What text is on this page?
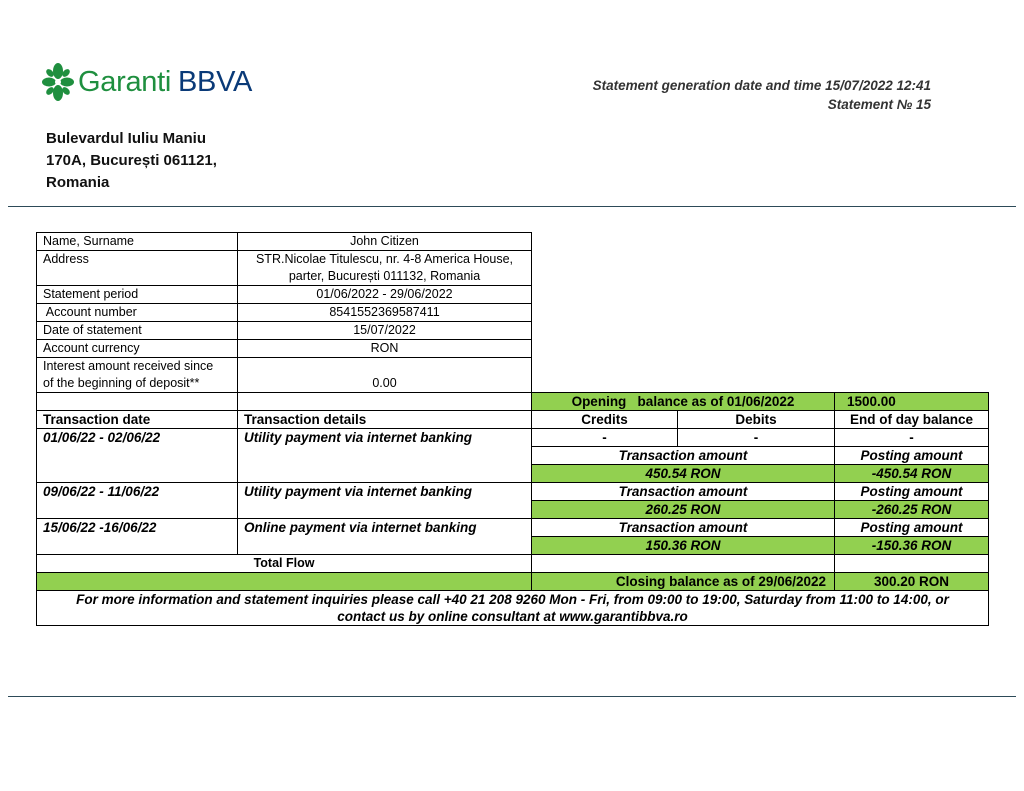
Garanti BBVA	Statement generation date and time 15/07/2022 12:41
Statement № 15
Bulevardul Iuliu Maniu
170A, București 061121,
Romania
Name, Surname	John Citizen			
Address	STR.Nicolae Titulescu, nr. 4-8 America House,
parter, București 011132, Romania			

Statement period	01/06/2022 - 29/06/2022			
Account number	8541552369587411			
Date of statement	15/07/2022			
Account currency	RON			

Interest amount received since
of the beginning of deposit**	0.00			
		Opening   balance as of 01/06/2022		1500.00
Transaction date	Transaction details	Credits	Debits	End of day balance
01/06/22 - 02/06/22	Utility payment via internet banking	-	-	-
		Transaction amount		Posting amount
		450.54 RON		-450.54 RON
09/06/22 - 11/06/22	Utility payment via internet banking	Transaction amount		Posting amount
		260.25 RON		-260.25 RON
15/06/22 -16/06/22	Online payment via internet banking	Transaction amount		Posting amount
		150.36 RON		-150.36 RON
Total Flow				
		Closing balance as of 29/06/2022		300.20 RON

For more information and statement inquiries please call +40 21 208 9260 Mon - Fri, from 09:00 to 19:00, Saturday from 11:00 to 14:00, or
contact us by online consultant at www.garantibbva.ro				
